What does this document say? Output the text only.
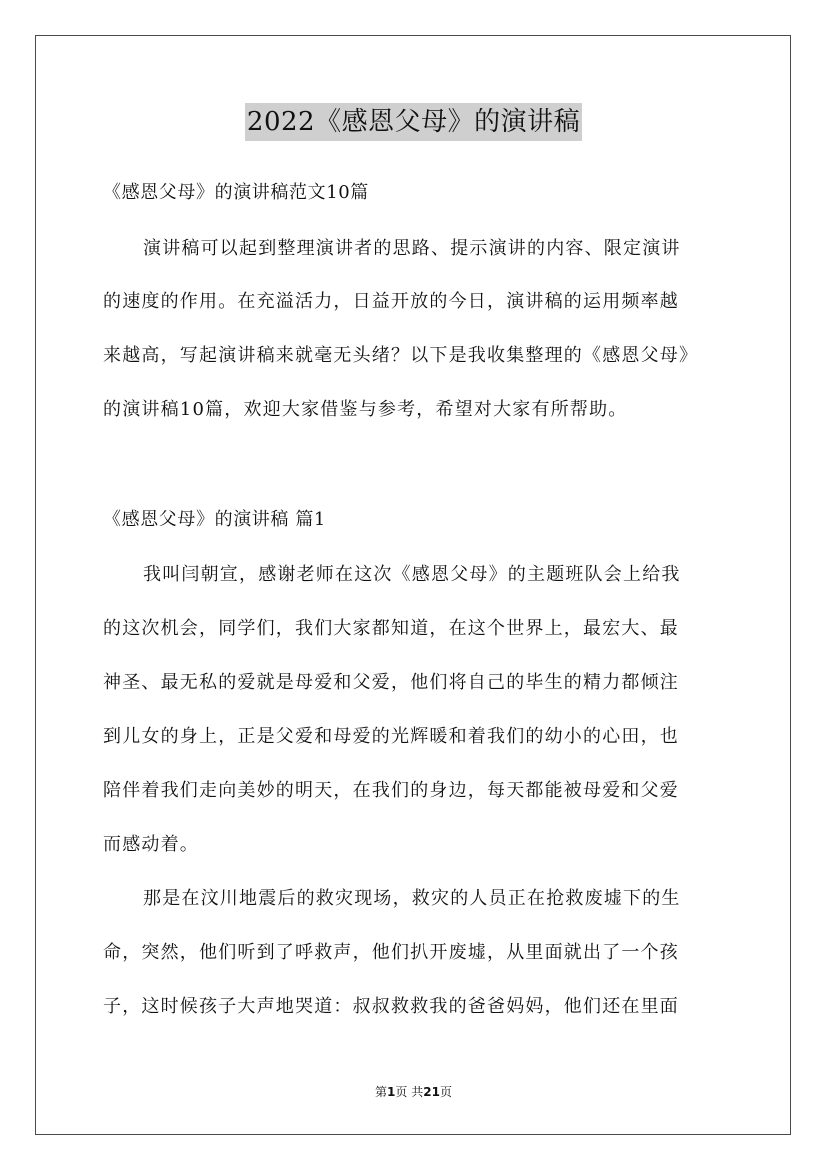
2022《感恩父母》的演讲稿
《感恩父母》的演讲稿范文10篇
演讲稿可以起到整理演讲者的思路、提示演讲的内容、限定演讲
的速度的作用。在充溢活力，日益开放的今日，演讲稿的运用频率越
来越高，写起演讲稿来就毫无头绪？以下是我收集整理的《感恩父母》
的演讲稿10篇，欢迎大家借鉴与参考，希望对大家有所帮助。
《感恩父母》的演讲稿 篇1
我叫闫朝宣，感谢老师在这次《感恩父母》的主题班队会上给我
的这次机会，同学们，我们大家都知道，在这个世界上，最宏大、最
神圣、最无私的爱就是母爱和父爱，他们将自己的毕生的精力都倾注
到儿女的身上，正是父爱和母爱的光辉暖和着我们的幼小的心田，也
陪伴着我们走向美妙的明天，在我们的身边，每天都能被母爱和父爱
而感动着。
那是在汶川地震后的救灾现场，救灾的人员正在抢救废墟下的生
命，突然，他们听到了呼救声，他们扒开废墟，从里面就出了一个孩
子，这时候孩子大声地哭道：叔叔救救我的爸爸妈妈，他们还在里面
第1页 共21页
